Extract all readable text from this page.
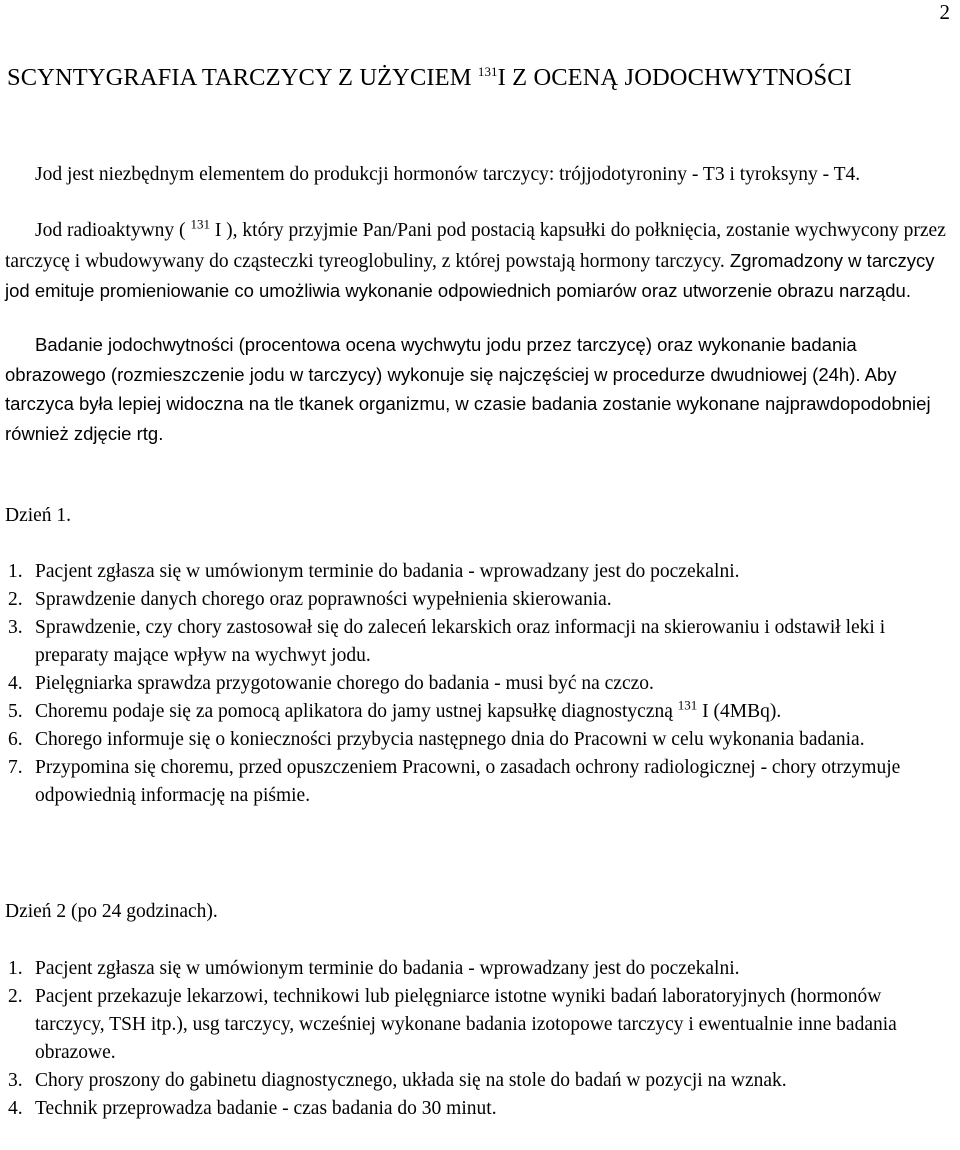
2
SCYNTYGRAFIA TARCZYCY Z UŻYCIEM $^{131}$I Z OCENĄ JODOCHWYTNOŚCI

Jod jest niezbędnym elementem do produkcji hormonów tarczycy: trójjodotyroniny - T3 i tyroksyny - T4.

Jod radioaktywny ( $^{131}$ I ), który przyjmie Pan/Pani pod postacią kapsułki do połknięcia, zostanie wychwycony przez tarczycę i wbudowywany do cząsteczki tyreoglobuliny, z której powstają hormony tarczycy. Zgromadzony w tarczycy jod emituje promieniowanie co umożliwia wykonanie odpowiednich pomiarów oraz utworzenie obrazu narządu.

Badanie jodochwytności (procentowa ocena wychwytu jodu przez tarczycę) oraz wykonanie badania obrazowego (rozmieszczenie jodu w tarczycy) wykonuje się najczęściej w procedurze dwudniowej (24h). Aby tarczyca była lepiej widoczna na tle tkanek organizmu, w czasie badania zostanie wykonane najprawdopodobniej również zdjęcie rtg.

Dzień 1.
1. Pacjent zgłasza się w umówionym terminie do badania - wprowadzany jest do poczekalni.
2. Sprawdzenie danych chorego oraz poprawności wypełnienia skierowania.
3. Sprawdzenie, czy chory zastosował się do zaleceń lekarskich oraz informacji na skierowaniu i odstawił leki i preparaty mające wpływ na wychwyt jodu.
4. Pielęgniarka sprawdza przygotowanie chorego do badania - musi być na czczo.
5. Choremu podaje się za pomocą aplikatora do jamy ustnej kapsułkę diagnostyczną $^{131}$ I (4MBq).
6. Chorego informuje się o konieczności przybycia następnego dnia do Pracowni w celu wykonania badania.
7. Przypomina się choremu, przed opuszczeniem Pracowni, o zasadach ochrony radiologicznej - chory otrzymuje odpowiednią informację na piśmie.
Dzień 2 (po 24 godzinach).
1. Pacjent zgłasza się w umówionym terminie do badania - wprowadzany jest do poczekalni.
2. Pacjent przekazuje lekarzowi, technikowi lub pielęgniarce istotne wyniki badań laboratoryjnych (hormonów tarczycy, TSH itp.), usg tarczycy, wcześniej wykonane badania izotopowe tarczycy i ewentualnie inne badania obrazowe.
3. Chory proszony do gabinetu diagnostycznego, układa się na stole do badań w pozycji na wznak.
4. Technik przeprowadza badanie - czas badania do 30 minut.
